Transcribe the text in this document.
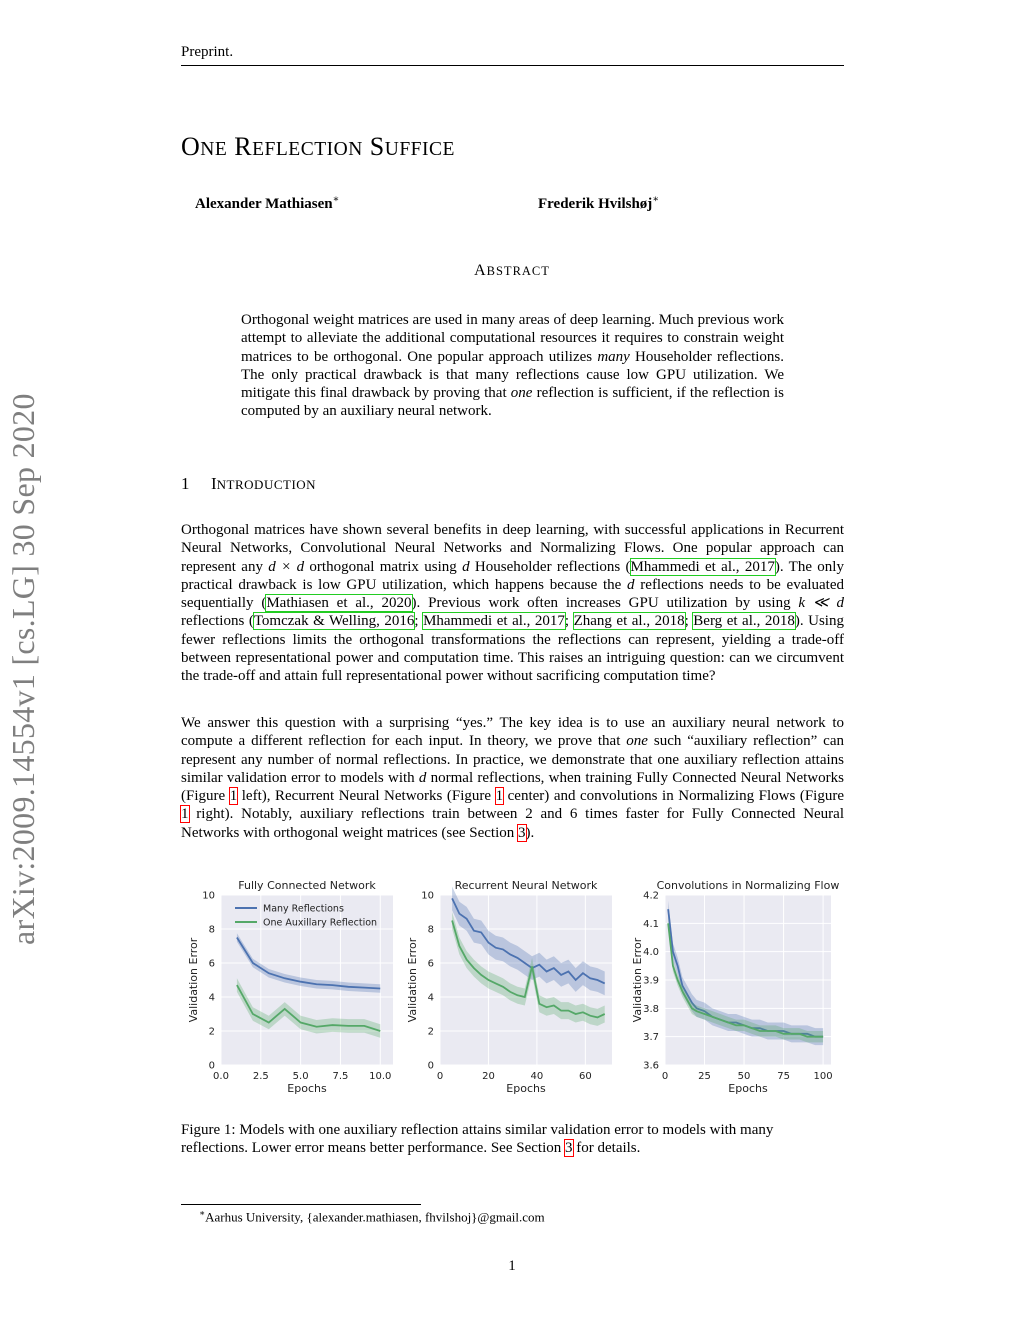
Preprint.
ONE REFLECTION SUFFICE
Alexander Mathiasen∗	Frederik Hvilshøj∗
ABSTRACT
Orthogonal weight matrices are used in many areas of deep learning. Much previous work attempt to alleviate the additional computational resources it requires to constrain weight matrices to be orthogonal. One popular approach utilizes many Householder reflections. The only practical drawback is that many reflections cause low GPU utilization. We mitigate this final drawback by proving that one reflection is sufficient, if the reflection is computed by an auxiliary neural network.
1 INTRODUCTION
Orthogonal matrices have shown several benefits in deep learning, with successful applications in Recurrent Neural Networks, Convolutional Neural Networks and Normalizing Flows. One popular approach can represent any d × d orthogonal matrix using d Householder reflections (Mhammedi et al., 2017). The only practical drawback is low GPU utilization, which happens because the d reflections needs to be evaluated sequentially (Mathiasen et al., 2020). Previous work often increases GPU utilization by using k ≪ d reflections (Tomczak & Welling, 2016; Mhammedi et al., 2017; Zhang et al., 2018; Berg et al., 2018). Using fewer reflections limits the orthogonal transformations the reflections can represent, yielding a trade-off between representational power and computation time. This raises an intriguing question: can we circumvent the trade-off and attain full representational power without sacrificing computation time?
We answer this question with a surprising “yes.” The key idea is to use an auxiliary neural network to compute a different reflection for each input. In theory, we prove that one such “auxiliary reflection” can represent any number of normal reflections. In practice, we demonstrate that one auxiliary reflection attains similar validation error to models with d normal reflections, when training Fully Connected Neural Networks (Figure 1 left), Recurrent Neural Networks (Figure 1 center) and convolutions in Normalizing Flows (Figure 1 right). Notably, auxiliary reflections train between 2 and 6 times faster for Fully Connected Neural Networks with orthogonal weight matrices (see Section 3).
arXiv:2009.14554v1 [cs.LG] 30 Sep 2020
0
2
4
6
8
10
0.0 2.5 5.0 7.5 10.0
Fully Connected Network
Epochs
Validation Error
Many Reflections
One Auxillary Reflection
0
2
4
6
8
10
0	20	40	60
Recurrent Neural Network
Epochs
Validation Error
3.6
3.7
3.8
3.9
4.0
4.1
4.2
0	25	50	75 100
Convolutions in Normalizing Flow
Epochs
Validation Error
Figure 1: Models with one auxiliary reflection attains similar validation error to models with many reflections. Lower error means better performance. See Section 3 for details.
∗Aarhus University, {alexander.mathiasen, fhvilshoj}@gmail.com
1
